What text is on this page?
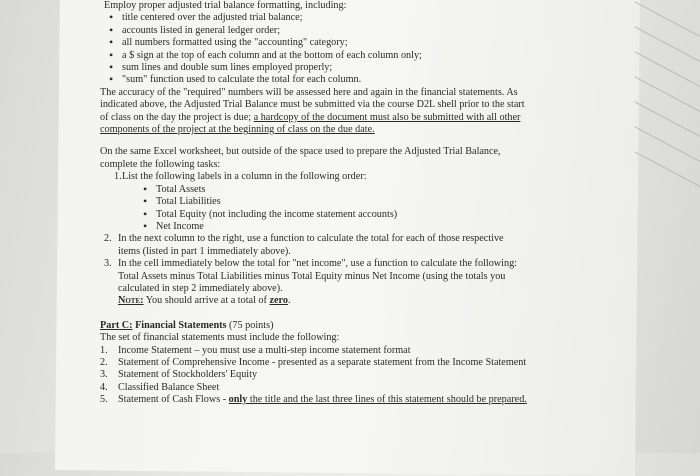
Employ proper adjusted trial balance formatting, including:

• title centered over the adjusted trial balance;
• accounts listed in general ledger order;
• all numbers formatted using the "accounting" category;
• a $ sign at the top of each column and at the bottom of each column only;
• sum lines and double sum lines employed properly;
• "sum" function used to calculate the total for each column.

The accuracy of the "required" numbers will be assessed here and again in the financial statements. As
indicated above, the Adjusted Trial Balance must be submitted via the course D2L shell prior to the start
of class on the day the project is due; a hardcopy of the document must also be submitted with all other
components of the project at the beginning of class on the due date.

On the same Excel worksheet, but outside of the space used to prepare the Adjusted Trial Balance,
complete the following tasks:

1. List the following labels in a column in the following order:
• Total Assets
• Total Liabilities
• Total Equity (not including the income statement accounts)
• Net Income
2. In the next column to the right, use a function to calculate the total for each of those respective
items (listed in part 1 immediately above).
3. In the cell immediately below the total for "net income", use a function to calculate the following:
Total Assets minus Total Liabilities minus Total Equity minus Net Income (using the totals you
calculated in step 2 immediately above).
Note: You should arrive at a total of zero.

Part C: Financial Statements (75 points)

The set of financial statements must include the following:

1. Income Statement – you must use a multi-step income statement format
2. Statement of Comprehensive Income - presented as a separate statement from the Income Statement
3. Statement of Stockholders' Equity
4. Classified Balance Sheet
5. Statement of Cash Flows - only the title and the last three lines of this statement should be prepared.
